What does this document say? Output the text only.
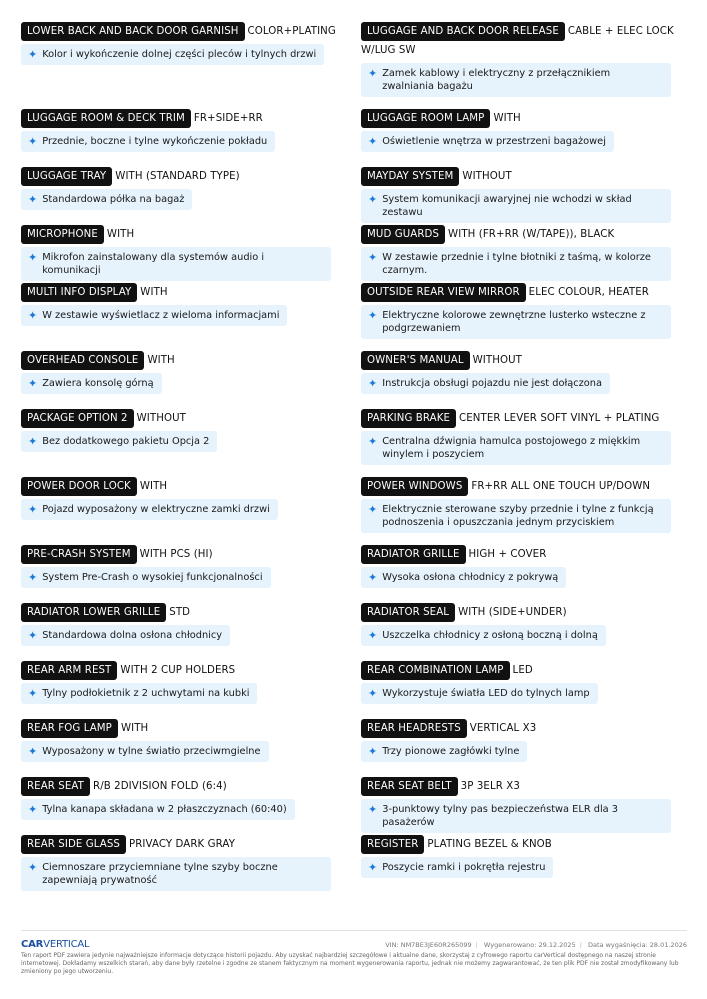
LOWER BACK AND BACK DOOR GARNISH COLOR+PLATING
✦ Kolor i wykończenie dolnej części pleców i tylnych drzwi
LUGGAGE AND BACK DOOR RELEASE CABLE + ELEC LOCK W/LUG SW
✦ Zamek kablowy i elektryczny z przełącznikiem zwalniania bagażu
LUGGAGE ROOM & DECK TRIM FR+SIDE+RR
✦ Przednie, boczne i tylne wykończenie pokładu
LUGGAGE ROOM LAMP WITH
✦ Oświetlenie wnętrza w przestrzeni bagażowej
LUGGAGE TRAY WITH (STANDARD TYPE)
✦ Standardowa półka na bagaż
MAYDAY SYSTEM WITHOUT
✦ System komunikacji awaryjnej nie wchodzi w skład zestawu
MICROPHONE WITH
✦ Mikrofon zainstalowany dla systemów audio i komunikacji
MUD GUARDS WITH (FR+RR (W/TAPE)), BLACK
✦ W zestawie przednie i tylne błotniki z taśmą, w kolorze czarnym.
MULTI INFO DISPLAY WITH
✦ W zestawie wyświetlacz z wieloma informacjami
OUTSIDE REAR VIEW MIRROR ELEC COLOUR, HEATER
✦ Elektryczne kolorowe zewnętrzne lusterko wsteczne z podgrzewaniem
OVERHEAD CONSOLE WITH
✦ Zawiera konsolę górną
OWNER'S MANUAL WITHOUT
✦ Instrukcja obsługi pojazdu nie jest dołączona
PACKAGE OPTION 2 WITHOUT
✦ Bez dodatkowego pakietu Opcja 2
PARKING BRAKE CENTER LEVER SOFT VINYL + PLATING
✦ Centralna dźwignia hamulca postojowego z miękkim winylem i poszyciem
POWER DOOR LOCK WITH
✦ Pojazd wyposażony w elektryczne zamki drzwi
POWER WINDOWS FR+RR ALL ONE TOUCH UP/DOWN
✦ Elektrycznie sterowane szyby przednie i tylne z funkcją podnoszenia i opuszczania jednym przyciskiem
PRE-CRASH SYSTEM WITH PCS (HI)
✦ System Pre-Crash o wysokiej funkcjonalności
RADIATOR GRILLE HIGH + COVER
✦ Wysoka osłona chłodnicy z pokrywą
RADIATOR LOWER GRILLE STD
✦ Standardowa dolna osłona chłodnicy
RADIATOR SEAL WITH (SIDE+UNDER)
✦ Uszczelka chłodnicy z osłoną boczną i dolną
REAR ARM REST WITH 2 CUP HOLDERS
✦ Tylny podłokietnik z 2 uchwytami na kubki
REAR COMBINATION LAMP LED
✦ Wykorzystuje światła LED do tylnych lamp
REAR FOG LAMP WITH
✦ Wyposażony w tylne światło przeciwmgielne
REAR HEADRESTS VERTICAL X3
✦ Trzy pionowe zagłówki tylne
REAR SEAT R/B 2DIVISION FOLD (6:4)
✦ Tylna kanapa składana w 2 płaszczyznach (60:40)
REAR SEAT BELT 3P 3ELR X3
✦ 3-punktowy tylny pas bezpieczeństwa ELR dla 3 pasażerów
REAR SIDE GLASS PRIVACY DARK GRAY
✦ Ciemnoszare przyciemniane tylne szyby boczne zapewniają prywatność
REGISTER PLATING BEZEL & KNOB
✦ Poszycie ramki i pokrętła rejestru
CARVERTICAL	VIN: NM7BE3JE60R265099 | Wygenerowano: 29.12.2025 | Data wygaśnięcia: 28.01.2026
Ten raport PDF zawiera jedynie najważniejsze informacje dotyczące historii pojazdu. Aby uzyskać najbardziej szczegółowe i aktualne dane, skorzystaj z cyfrowego raportu carVertical dostępnego na naszej stronie internetowej. Dokładamy wszelkich starań, aby dane były rzetelne i zgodne ze stanem faktycznym na moment wygenerowania raportu, jednak nie możemy zagwarantować, że ten plik PDF nie został zmodyfikowany lub zmieniony po jego utworzeniu.
